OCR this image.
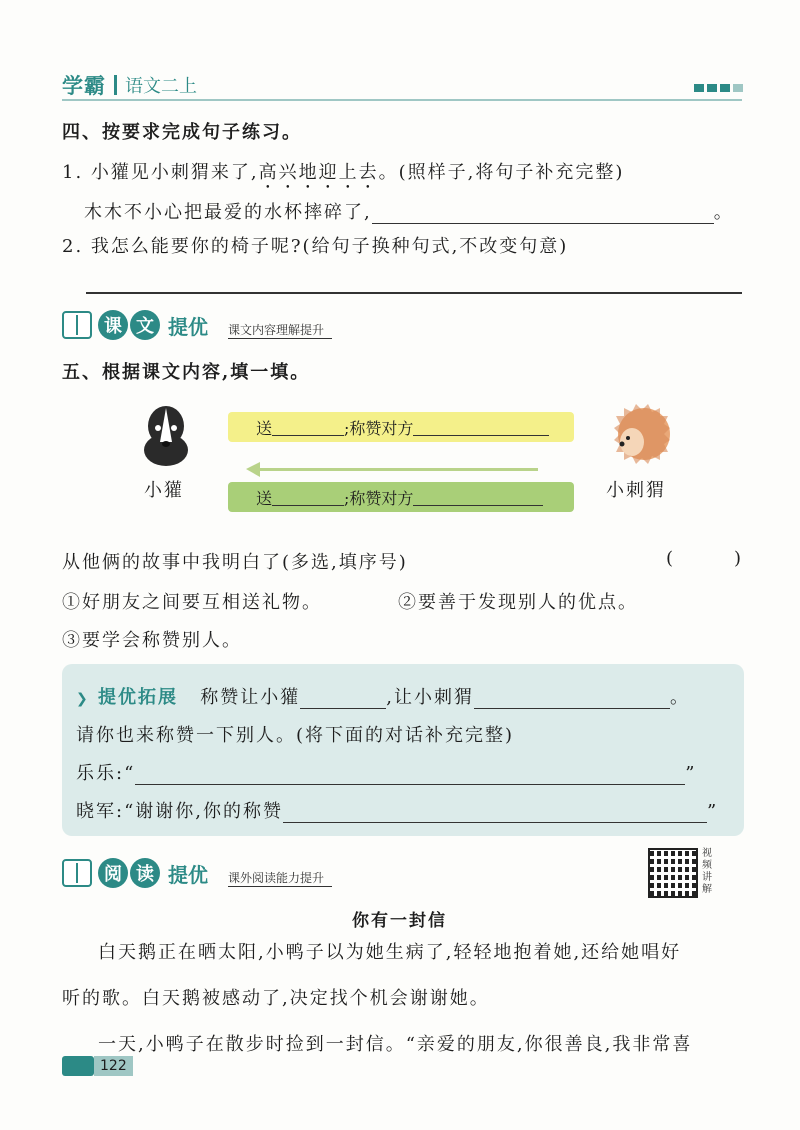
学霸 语文二上
四、按要求完成句子练习。
1. 小獾见小刺猬来了,高兴地迎上去。(照样子,将句子补充完整)
木木不小心把最爱的水杯摔碎了,	。
2. 我怎么能要你的椅子呢?(给句子换种句式,不改变句意)
课 文 提优 课文内容理解提升
五、根据课文内容,填一填。
小獾
送	;称赞对方
送	;称赞对方	小刺猬
从他俩的故事中我明白了(多选,填序号)	(	)
①好朋友之间要互相送礼物。	②要善于发现别人的优点。
③要学会称赞别人。
❯ 提优拓展 称赞让小獾	,让小刺猬	。
请你也来称赞一下别人。(将下面的对话补充完整)
乐乐:“	”
晓军:“谢谢你,你的称赞	”
阅 读 提优 课外阅读能力提升
视频讲解
你有一封信
白天鹅正在晒太阳,小鸭子以为她生病了,轻轻地抱着她,还给她唱好
听的歌。白天鹅被感动了,决定找个机会谢谢她。
一天,小鸭子在散步时捡到一封信。“亲爱的朋友,你很善良,我非常喜
122
